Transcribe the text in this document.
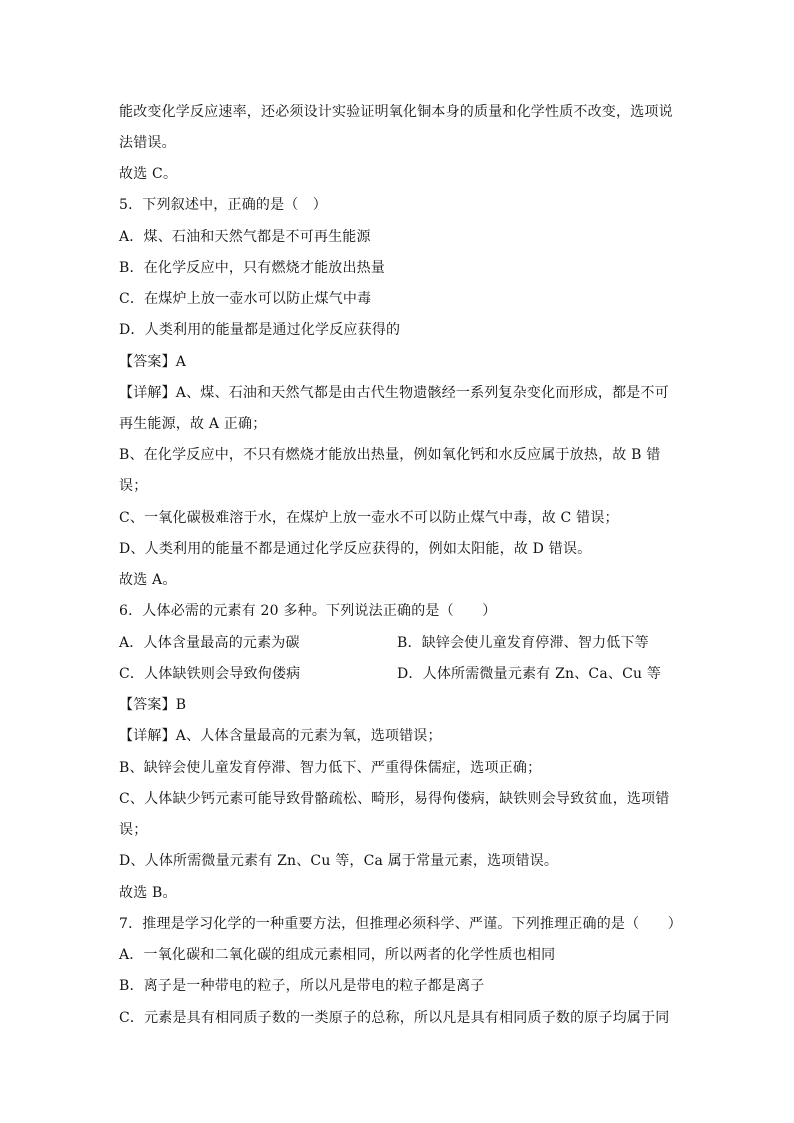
能改变化学反应速率，还必须设计实验证明氧化铜本身的质量和化学性质不改变，选项说
法错误。
故选 C。
5．下列叙述中，正确的是（　）
A．煤、石油和天然气都是不可再生能源
B．在化学反应中，只有燃烧才能放出热量
C．在煤炉上放一壶水可以防止煤气中毒
D．人类利用的能量都是通过化学反应获得的
【答案】A
【详解】A、煤、石油和天然气都是由古代生物遗骸经一系列复杂变化而形成，都是不可
再生能源，故 A 正确；
B、在化学反应中，不只有燃烧才能放出热量，例如氧化钙和水反应属于放热，故 B 错
误；
C、一氧化碳极难溶于水，在煤炉上放一壶水不可以防止煤气中毒，故 C 错误；
D、人类利用的能量不都是通过化学反应获得的，例如太阳能，故 D 错误。
故选 A。
6．人体必需的元素有 20 多种。下列说法正确的是（　　）
A．人体含量最高的元素为碳	B．缺锌会使儿童发育停滞、智力低下等
C．人体缺铁则会导致佝偻病	D．人体所需微量元素有 Zn、Ca、Cu 等
【答案】B
【详解】A、人体含量最高的元素为氧，选项错误；
B、缺锌会使儿童发育停滞、智力低下、严重得侏儒症，选项正确；
C、人体缺少钙元素可能导致骨骼疏松、畸形，易得佝偻病，缺铁则会导致贫血，选项错
误；
D、人体所需微量元素有 Zn、Cu 等，Ca 属于常量元素，选项错误。
故选 B。
7．推理是学习化学的一种重要方法，但推理必须科学、严谨。下列推理正确的是（　　）
A．一氧化碳和二氧化碳的组成元素相同，所以两者的化学性质也相同
B．离子是一种带电的粒子，所以凡是带电的粒子都是离子
C．元素是具有相同质子数的一类原子的总称，所以凡是具有相同质子数的原子均属于同
